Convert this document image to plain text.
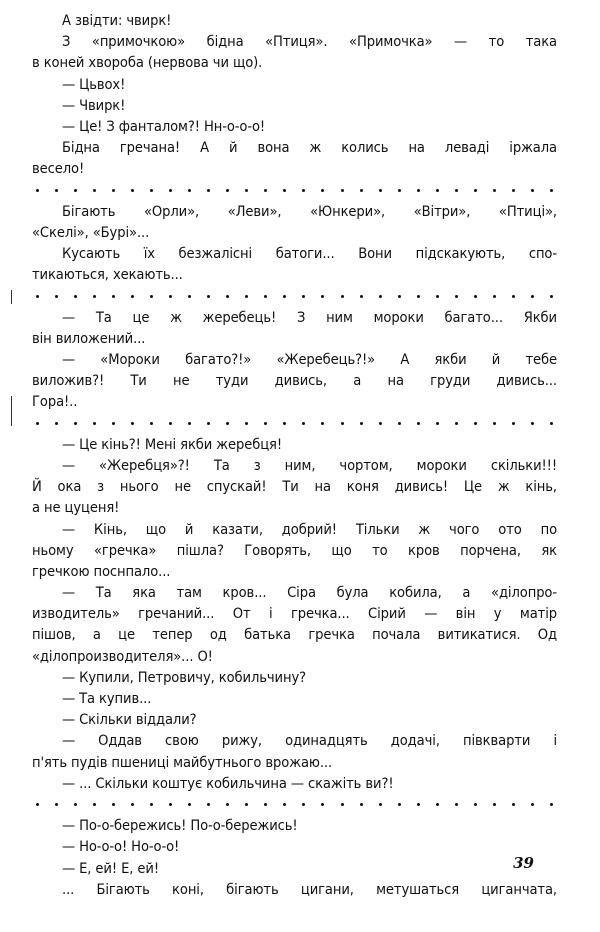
А звідти: чвирк!
З «примочкою» бідна «Птиця». «Примочка» — то така
в коней хвороба (нервова чи що).
— Цьвох!
— Чвирк!
— Це! З фанталом?! Нн-о-о-о!
Бідна гречана! А й вона ж колись на леваді іржала
весело!
Бігають «Орли», «Леви», «Юнкери», «Вітри», «Птиці»,
«Скелі», «Бурі»...
Кусають їх безжалісні батоги... Вони підскакують, спо-
тикаються, хекають...
— Та це ж жеребець! З ним мороки багато... Якби
він виложений...
— «Мороки багато?!» «Жеребець?!» А якби й тебе
виложив?! Ти не туди дивись, а на груди дивись...
Гора!..
— Це кінь?! Мені якби жеребця!
— «Жеребця»?! Та з ним, чортом, мороки скільки!!!
Й ока з нього не спускай! Ти на коня дивись! Це ж кінь,
а не цуценя!
— Кінь, що й казати, добрий! Тільки ж чого ото по
ньому «гречка» пішла? Говорять, що то кров порчена, як
гречкою поснпало...
— Та яка там кров... Сіра була кобила, а «ділопро-
изводитель» гречаний... От і гречка... Сірий — він у матір
пішов, а це тепер од батька гречка почала витикатися. Од
«ділопроизводителя»... О!
— Купили, Петровичу, кобильчину?
— Та купив...
— Скільки віддали?
— Оддав свою рижу, одинадцять додачі, півкварти і
п'ять пудів пшениці майбутнього врожаю...
— ... Скільки коштує кобильчина — скажіть ви?!
— По-о-бережись! По-о-бережись!
— Но-о-о! Но-о-о!
— Е, ей! Е, ей!
... Бігають коні, бігають цигани, метушаться циганчата,
39
